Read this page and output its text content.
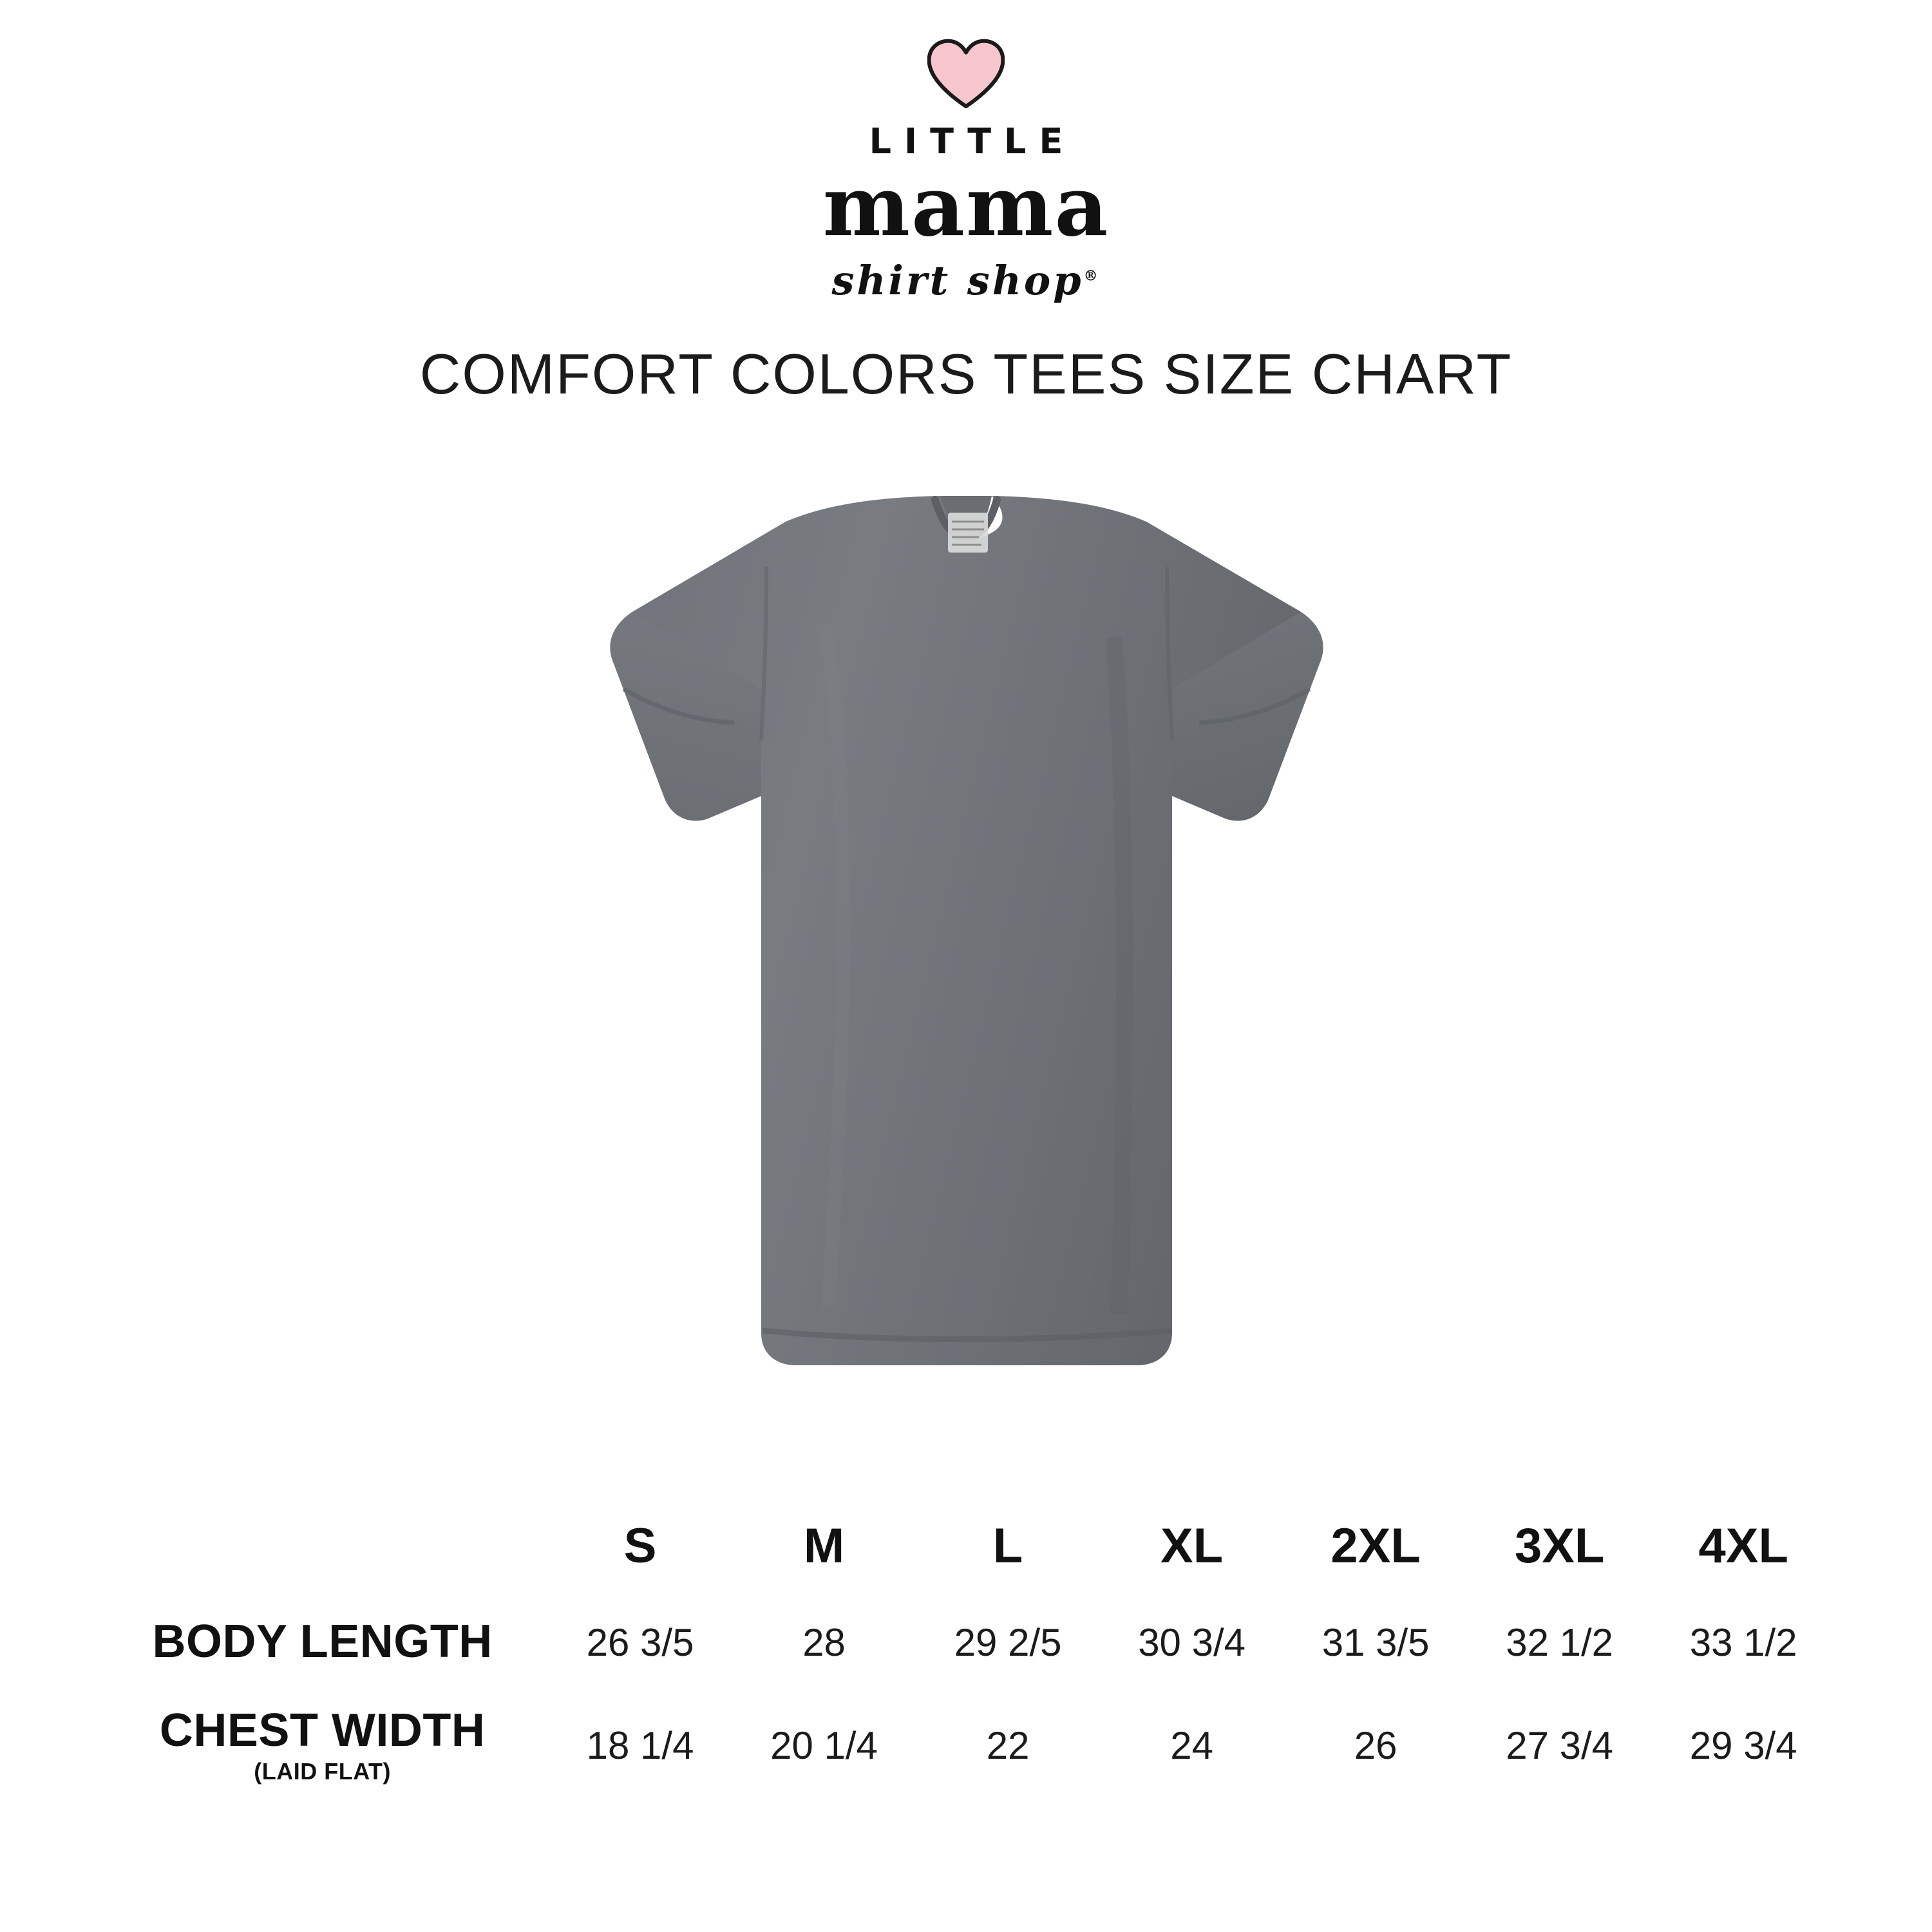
LITTLE
mama
shirt shop®
COMFORT COLORS TEES SIZE CHART
	S	M	L	XL	2XL	3XL	4XL
BODY LENGTH	26 3/5	28	29 2/5	30 3/4	31 3/5	32 1/2	33 1/2
CHEST WIDTH
(LAID FLAT)	18 1/4	20 1/4	22	24	26	27 3/4	29 3/4
